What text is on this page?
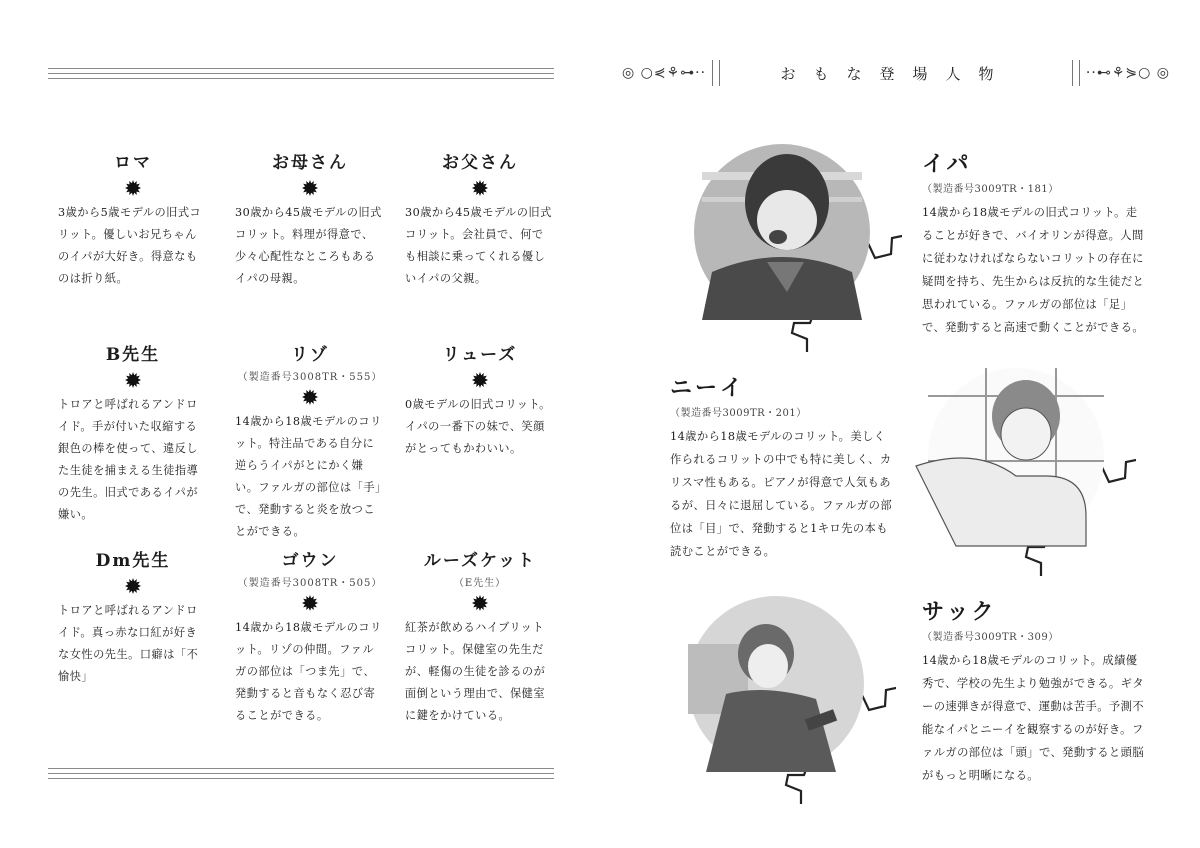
ロマ
3歳から5歳モデルの旧式コリット。優しいお兄ちゃんのイパが大好き。得意なものは折り紙。
お母さん
30歳から45歳モデルの旧式コリット。料理が得意で、少々心配性なところもあるイパの母親。
お父さん
30歳から45歳モデルの旧式コリット。会社員で、何でも相談に乗ってくれる優しいイパの父親。
B先生
トロアと呼ばれるアンドロイド。手が付いた収縮する銀色の棒を使って、違反した生徒を捕まえる生徒指導の先生。旧式であるイパが嫌い。
リゾ
（製造番号3008TR・555）
14歳から18歳モデルのコリット。特注品である自分に逆らうイパがとにかく嫌い。ファルガの部位は「手」で、発動すると炎を放つことができる。
リューズ
0歳モデルの旧式コリット。イパの一番下の妹で、笑顔がとってもかわいい。
Dm先生
トロアと呼ばれるアンドロイド。真っ赤な口紅が好きな女性の先生。口癖は「不愉快」
ゴウン
（製造番号3008TR・505）
14歳から18歳モデルのコリット。リゾの仲間。ファルガの部位は「つま先」で、発動すると音もなく忍び寄ることができる。
ルーズケット
（E先生）
紅茶が飲めるハイブリットコリット。保健室の先生だが、軽傷の生徒を診るのが面倒という理由で、保健室に鍵をかけている。
◎ ○⋞⚘⊶··	おもな登場人物	··⊷⚘⋟○ ◎
イパ
（製造番号3009TR・181）
14歳から18歳モデルの旧式コリット。走ることが好きで、バイオリンが得意。人間に従わなければならないコリットの存在に疑問を持ち、先生からは反抗的な生徒だと思われている。ファルガの部位は「足」で、発動すると高速で動くことができる。
ニーイ
（製造番号3009TR・201）
14歳から18歳モデルのコリット。美しく作られるコリットの中でも特に美しく、カリスマ性もある。ピアノが得意で人気もあるが、日々に退屈している。ファルガの部位は「目」で、発動すると1キロ先の本も読むことができる。
サック
（製造番号3009TR・309）
14歳から18歳モデルのコリット。成績優秀で、学校の先生より勉強ができる。ギターの速弾きが得意で、運動は苦手。予測不能なイパとニーイを観察するのが好き。ファルガの部位は「頭」で、発動すると頭脳がもっと明晰になる。
